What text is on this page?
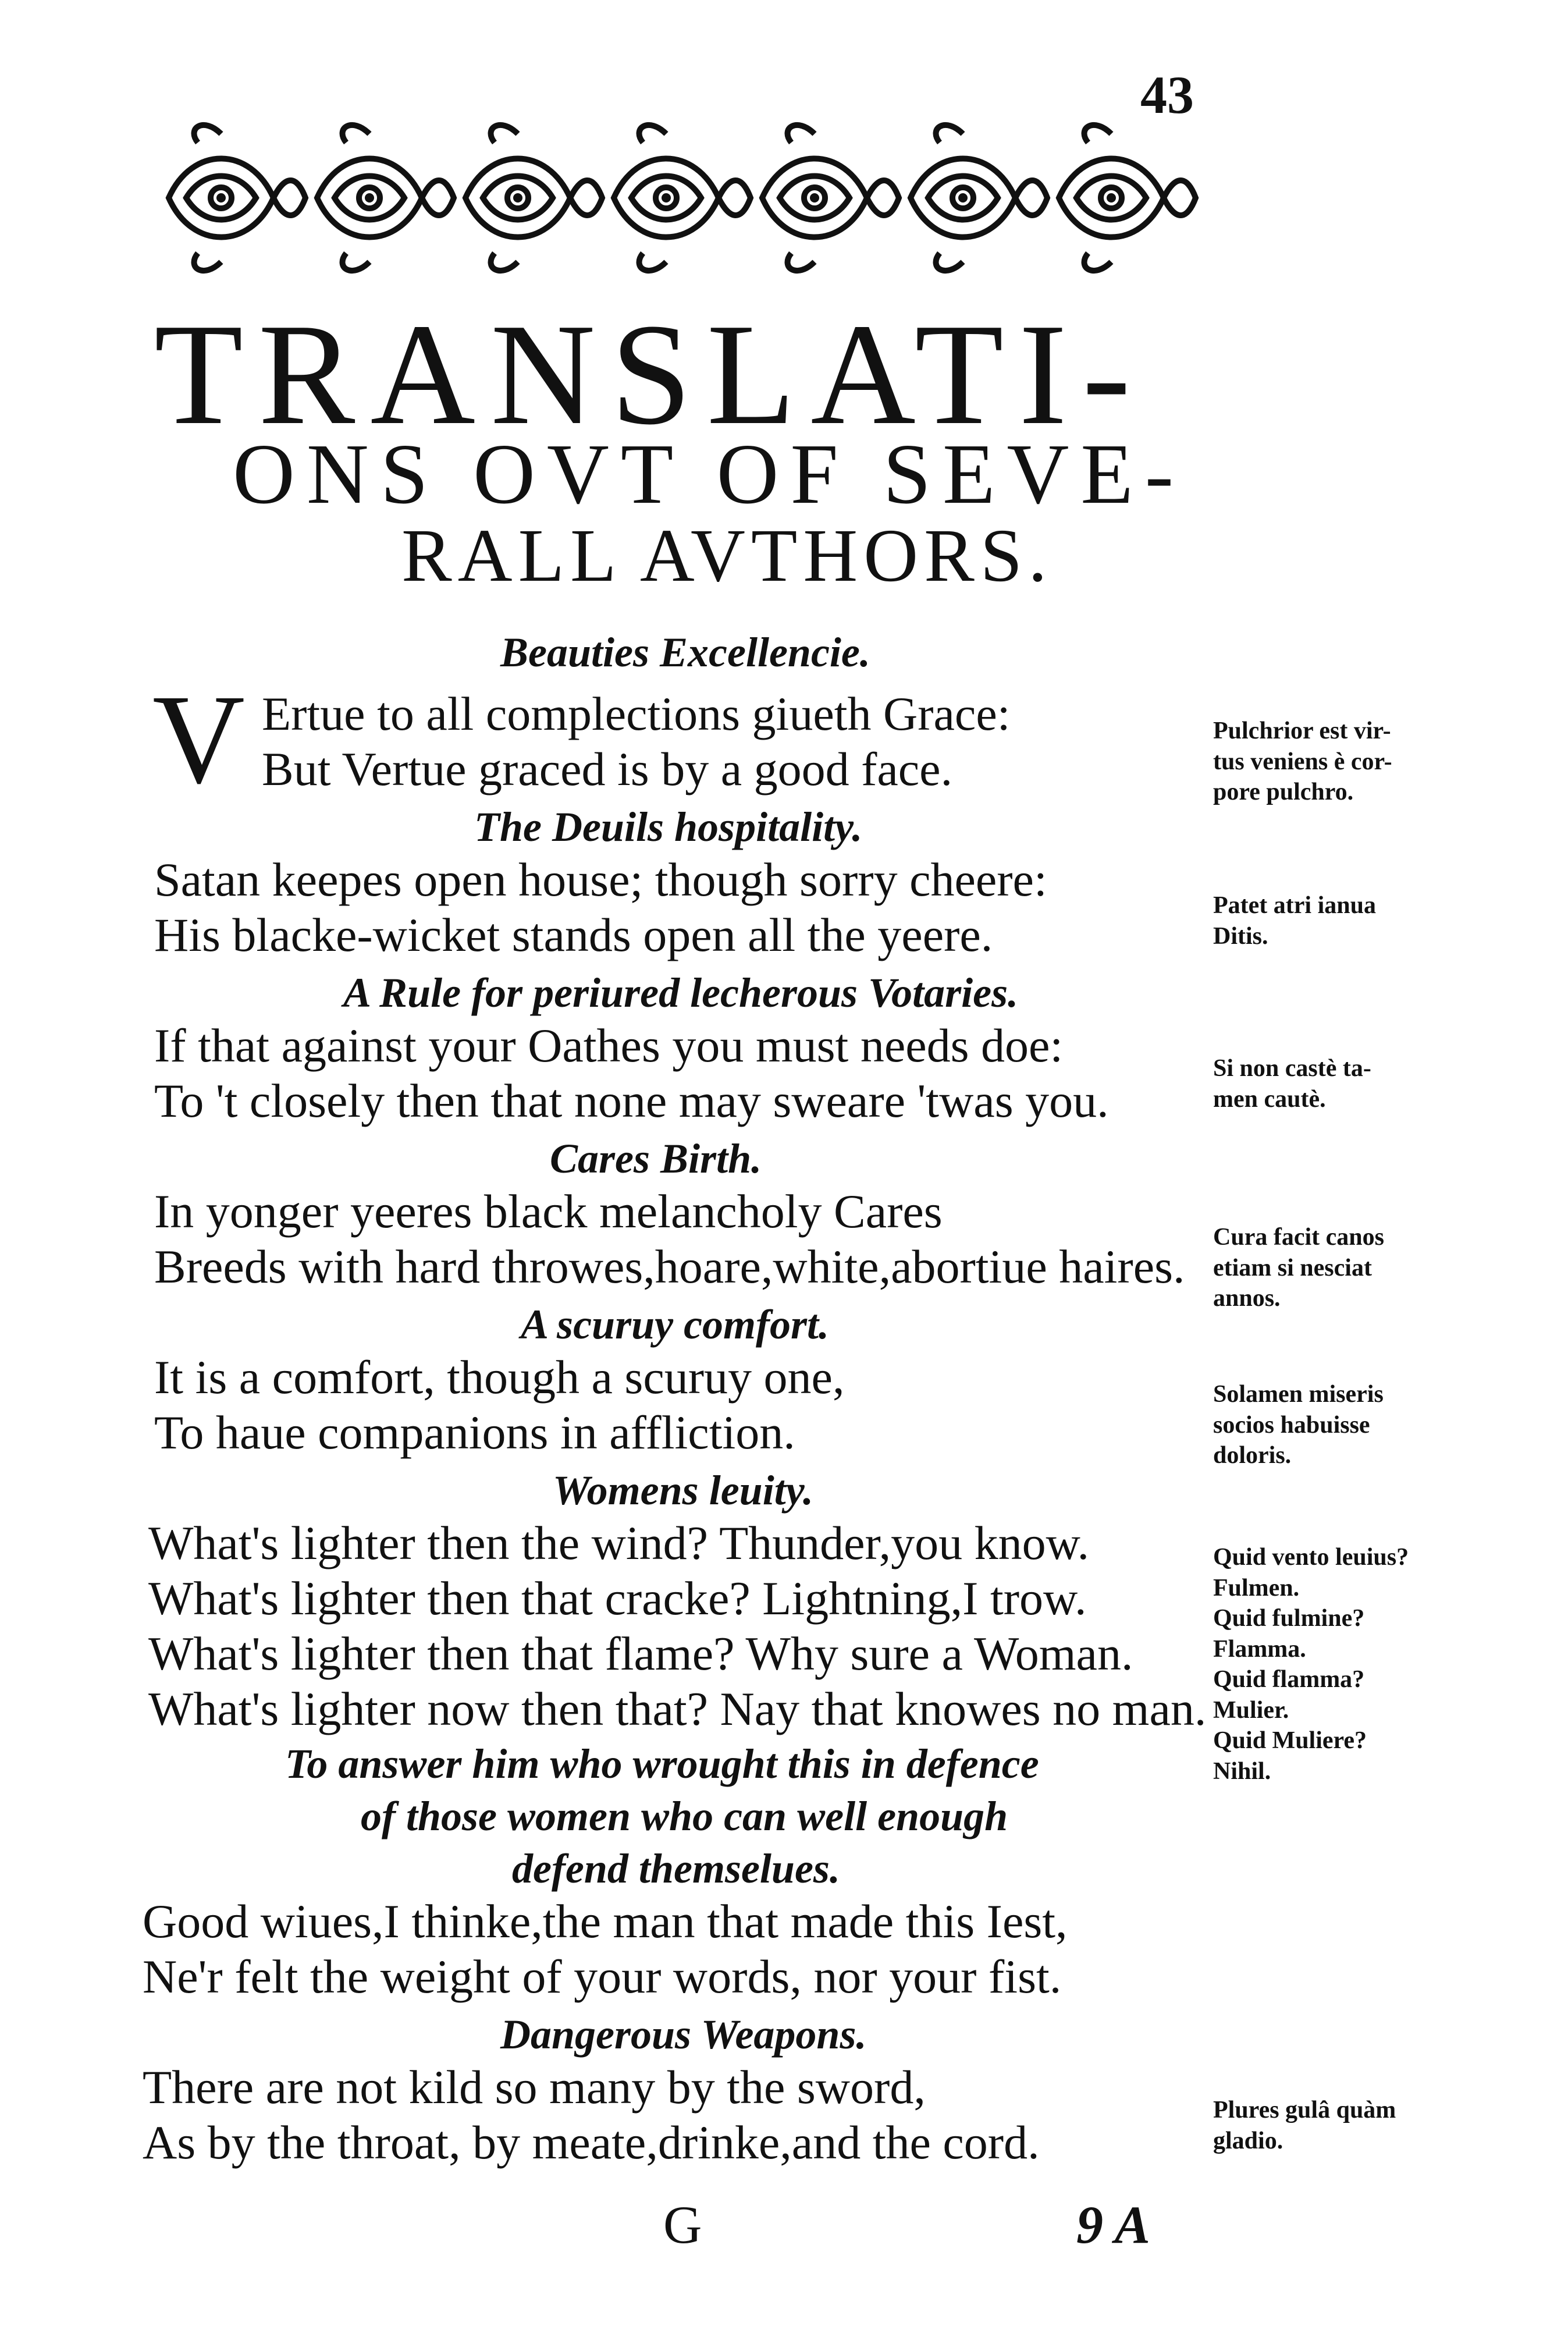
43
TRANSLATI-
ONS OVT OF SEVE-
RALL AVTHORS.
Beauties Excellencie.
V Ertue to all complections giueth Grace:
But Vertue graced is by a good face.
The Deuils hospitality.
Satan keepes open house; though sorry cheere:
His blacke-wicket stands open all the yeere.
A Rule for periured lecherous Votaries.
If that against your Oathes you must needs doe:
To 't closely then that none may sweare 'twas you.
Cares Birth.
In yonger yeeres black melancholy Cares
Breeds with hard throwes,hoare,white,abortiue haires.
A scuruy comfort.
It is a comfort, though a scuruy one,
To haue companions in affliction.
Womens leuity.
What's lighter then the wind? Thunder,you know.
What's lighter then that cracke? Lightning,I trow.
What's lighter then that flame? Why sure a Woman.
What's lighter now then that? Nay that knowes no man.
To answer him who wrought this in defence
of those women who can well enough
defend themselues.
Good wiues,I thinke,the man that made this Iest,
Ne'r felt the weight of your words, nor your fist.
Dangerous Weapons.
There are not kild so many by the sword,
As by the throat, by meate,drinke,and the cord.
Pulchrior est vir-
tus veniens è cor-
pore pulchro.
Patet atri ianua
Ditis.
Si non castè ta-
men cautè.
Cura facit canos
etiam si nesciat
annos.
Solamen miseris
socios habuisse
doloris.
Quid vento leuius?
Fulmen.
Quid fulmine?
Flamma.
Quid flamma?
Mulier.
Quid Muliere?
Nihil.
Plures gulâ quàm
gladio.
G	9 A
